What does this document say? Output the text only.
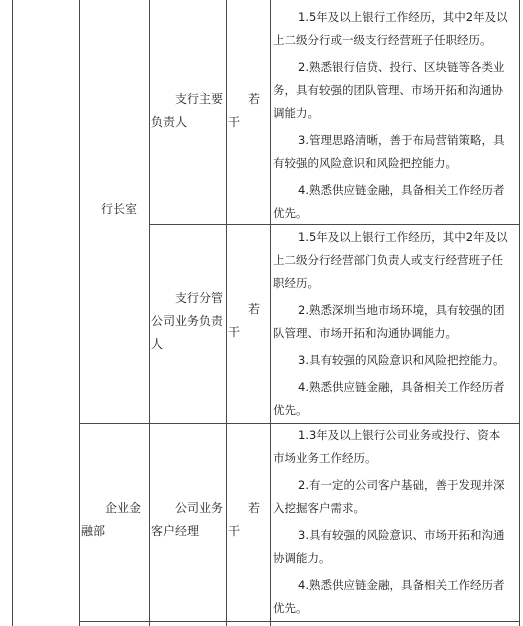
行长室
支行主要
负责人
若
干

1.5年及以上银行工作经历，其中2年及以

上二级分行或一级支行经营班子任职经历。

2.熟悉银行信贷、投行、区块链等各类业

务，具有较强的团队管理、市场开拓和沟通协

调能力。

3.管理思路清晰，善于布局营销策略，具

有较强的风险意识和风险把控能力。

4.熟悉供应链金融，具备相关工作经历者

优先。

支行分管
公司业务负责
人
若
干

1.5年及以上银行工作经历，其中2年及以

上二级分行经营部门负责人或支行经营班子任

职经历。

2.熟悉深圳当地市场环境，具有较强的团

队管理、市场开拓和沟通协调能力。

3.具有较强的风险意识和风险把控能力。

4.熟悉供应链金融，具备相关工作经历者

优先。

企业金
融部
公司业务
客户经理
若
干

1.3年及以上银行公司业务或投行、资本

市场业务工作经历。

2.有一定的公司客户基础，善于发现并深

入挖掘客户需求。

3.具有较强的风险意识、市场开拓和沟通

协调能力。

4.熟悉供应链金融，具备相关工作经历者

优先。
